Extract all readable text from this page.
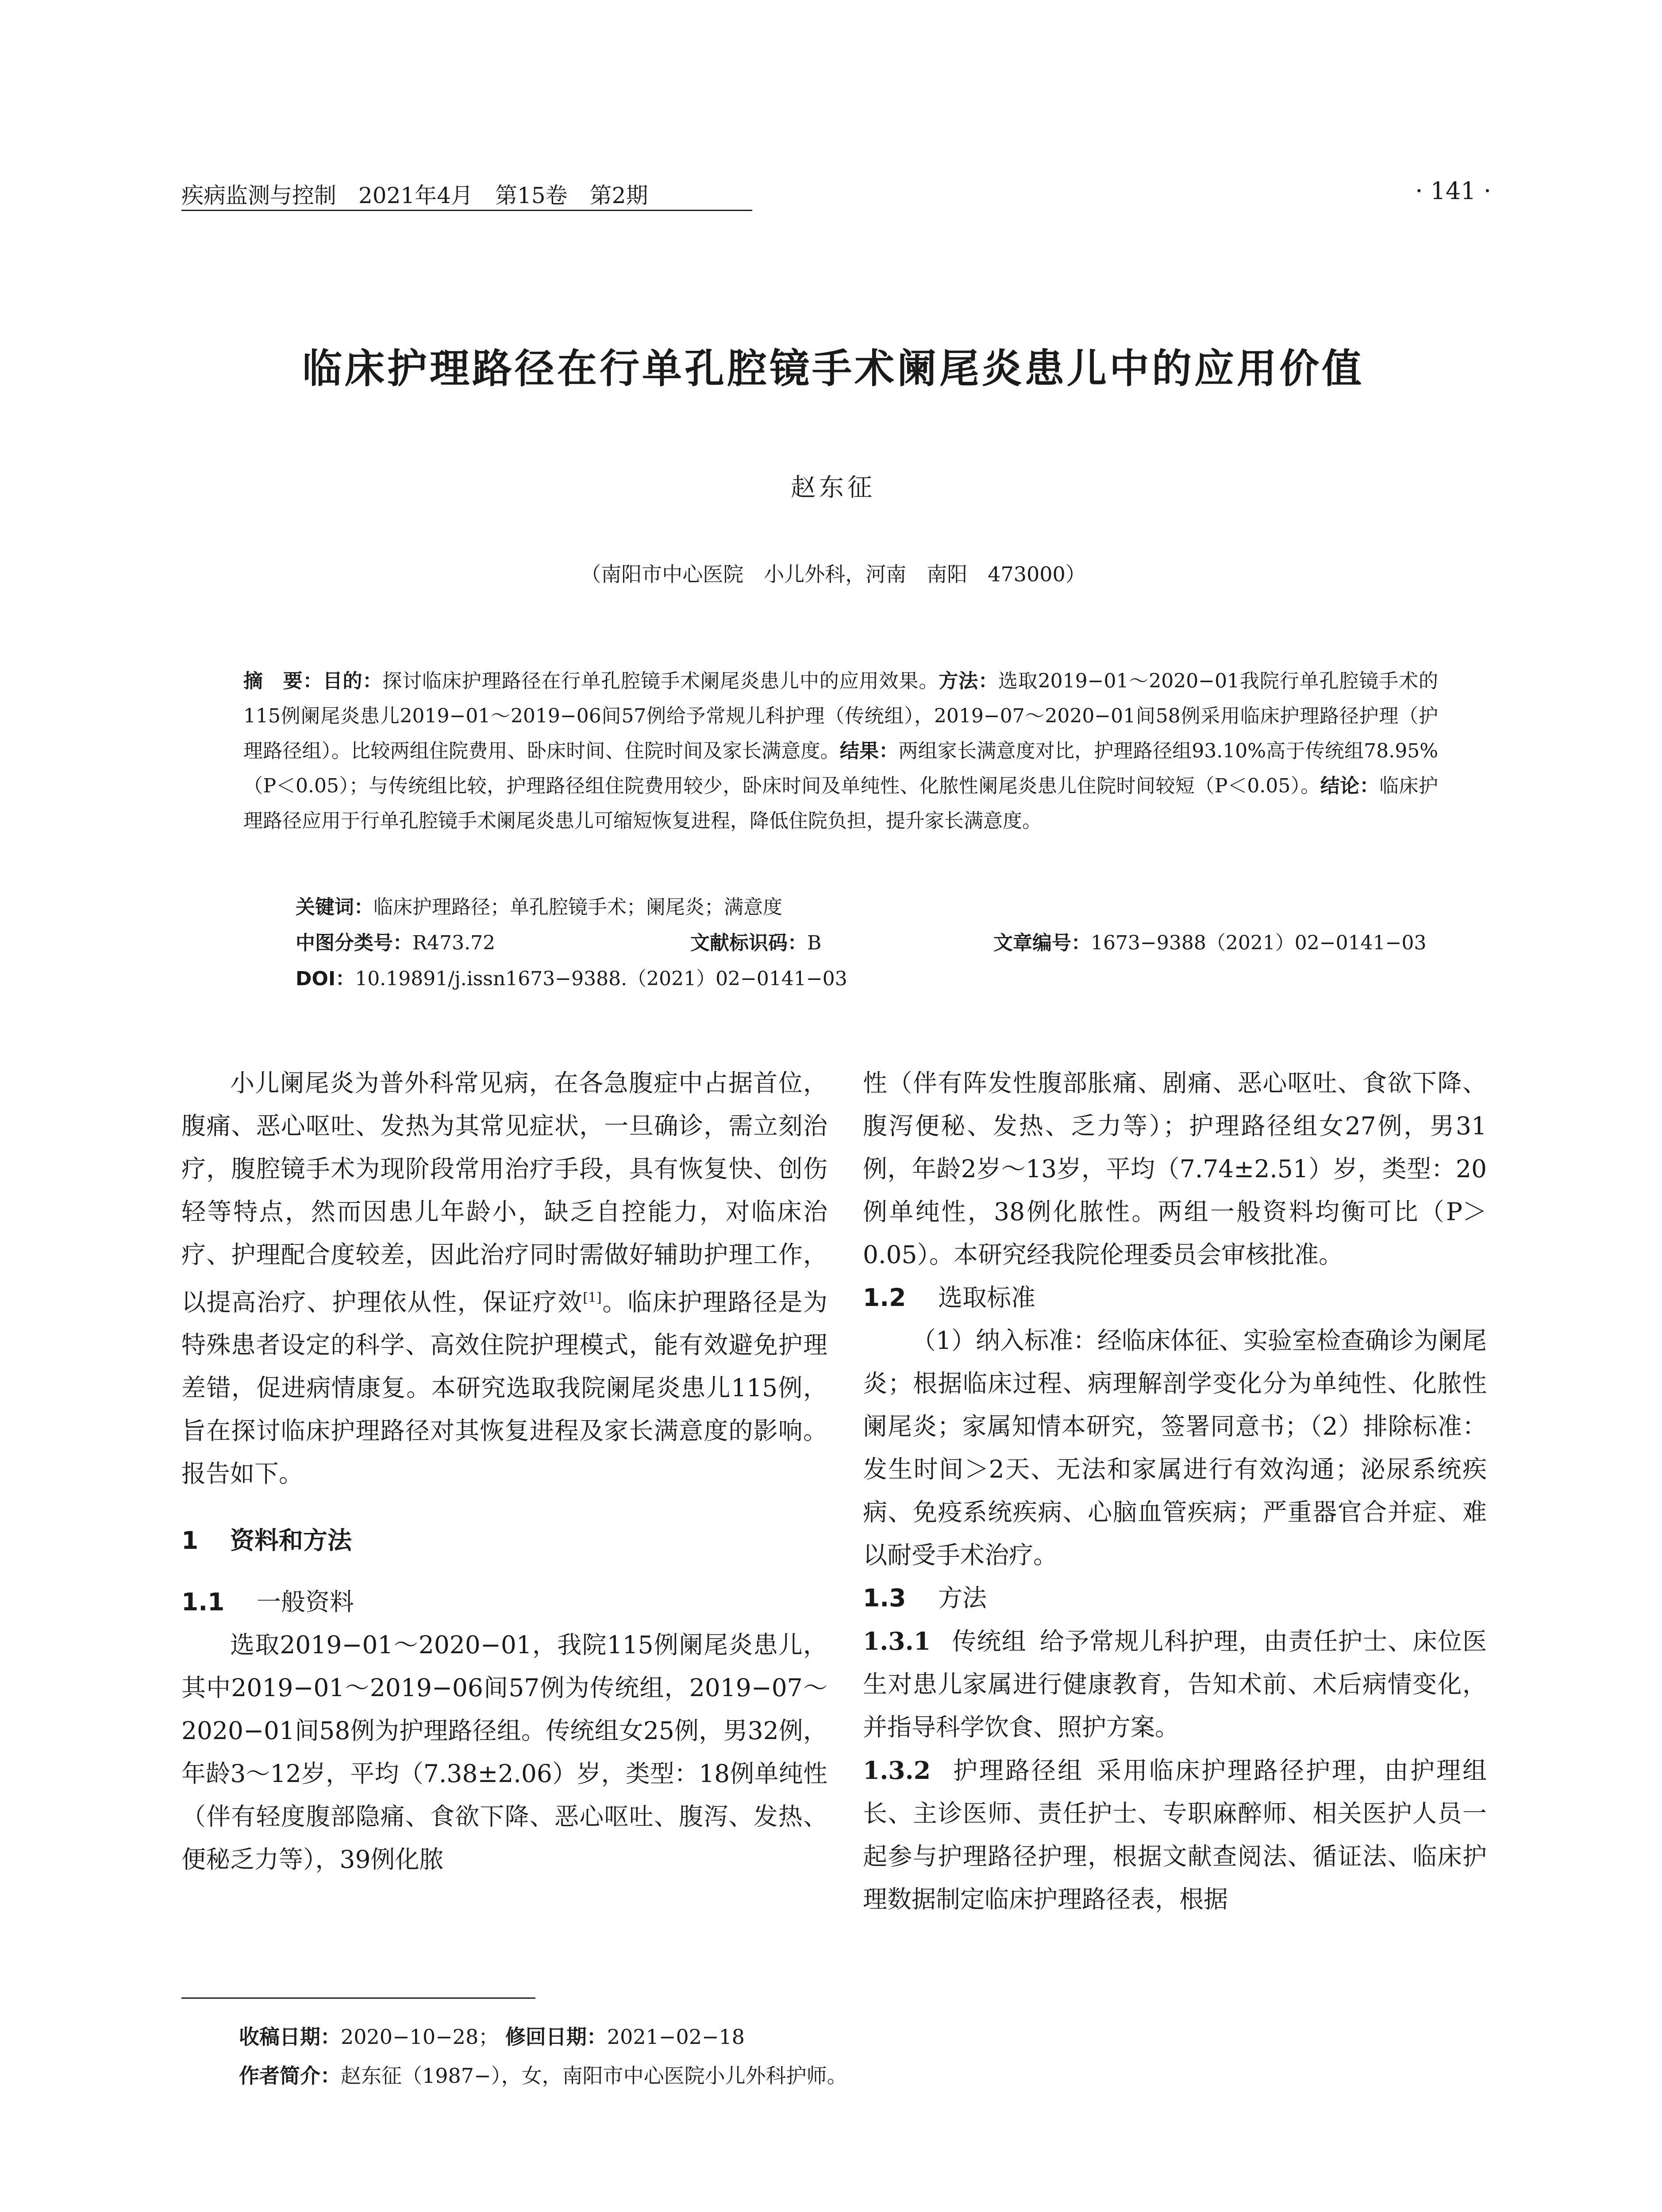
疾病监测与控制　2021年4月　第15卷　第2期	· 141 ·
临床护理路径在行单孔腔镜手术阑尾炎患儿中的应用价值
赵东征
（南阳市中心医院　小儿外科，河南　南阳　473000）
摘　要：目的：探讨临床护理路径在行单孔腔镜手术阑尾炎患儿中的应用效果。方法：选取2019−01～2020−01我院行单孔腔镜手术的115例阑尾炎患儿2019−01～2019−06间57例给予常规儿科护理（传统组），2019−07～2020−01间58例采用临床护理路径护理（护理路径组）。比较两组住院费用、卧床时间、住院时间及家长满意度。结果：两组家长满意度对比，护理路径组93.10%高于传统组78.95%（P＜0.05）；与传统组比较，护理路径组住院费用较少，卧床时间及单纯性、化脓性阑尾炎患儿住院时间较短（P＜0.05）。结论：临床护理路径应用于行单孔腔镜手术阑尾炎患儿可缩短恢复进程，降低住院负担，提升家长满意度。
关键词：临床护理路径；单孔腔镜手术；阑尾炎；满意度
中图分类号：R473.72	文献标识码：B	文章编号：1673−9388（2021）02−0141−03
DOI：10.19891/j.issn1673−9388.（2021）02−0141−03

小儿阑尾炎为普外科常见病，在各急腹症中占据首位，腹痛、恶心呕吐、发热为其常见症状，一旦确诊，需立刻治疗，腹腔镜手术为现阶段常用治疗手段，具有恢复快、创伤轻等特点，然而因患儿年龄小，缺乏自控能力，对临床治疗、护理配合度较差，因此治疗同时需做好辅助护理工作，以提高治疗、护理依从性，保证疗效[1]。临床护理路径是为特殊患者设定的科学、高效住院护理模式，能有效避免护理差错，促进病情康复。本研究选取我院阑尾炎患儿115例，旨在探讨临床护理路径对其恢复进程及家长满意度的影响。报告如下。

1 资料和方法
1.1 一般资料

选取2019−01～2020−01，我院115例阑尾炎患儿，其中2019−01～2019−06间57例为传统组，2019−07～2020−01间58例为护理路径组。传统组女25例，男32例，年龄3～12岁，平均（7.38±2.06）岁，类型：18例单纯性（伴有轻度腹部隐痛、食欲下降、恶心呕吐、腹泻、发热、便秘乏力等），39例化脓

性（伴有阵发性腹部胀痛、剧痛、恶心呕吐、食欲下降、腹泻便秘、发热、乏力等）；护理路径组女27例，男31例，年龄2岁～13岁，平均（7.74±2.51）岁，类型：20例单纯性，38例化脓性。两组一般资料均衡可比（P＞0.05）。本研究经我院伦理委员会审核批准。

1.2 选取标准

（1）纳入标准：经临床体征、实验室检查确诊为阑尾炎；根据临床过程、病理解剖学变化分为单纯性、化脓性阑尾炎；家属知情本研究，签署同意书；（2）排除标准：发生时间＞2天、无法和家属进行有效沟通；泌尿系统疾病、免疫系统疾病、心脑血管疾病；严重器官合并症、难以耐受手术治疗。

1.3 方法

1.3.1 传统组 给予常规儿科护理，由责任护士、床位医生对患儿家属进行健康教育，告知术前、术后病情变化，并指导科学饮食、照护方案。

1.3.2 护理路径组 采用临床护理路径护理，由护理组长、主诊医师、责任护士、专职麻醉师、相关医护人员一起参与护理路径护理，根据文献查阅法、循证法、临床护理数据制定临床护理路径表，根据

收稿日期：2020−10−28； 修回日期：2021−02−18
作者简介：赵东征（1987−），女，南阳市中心医院小儿外科护师。
